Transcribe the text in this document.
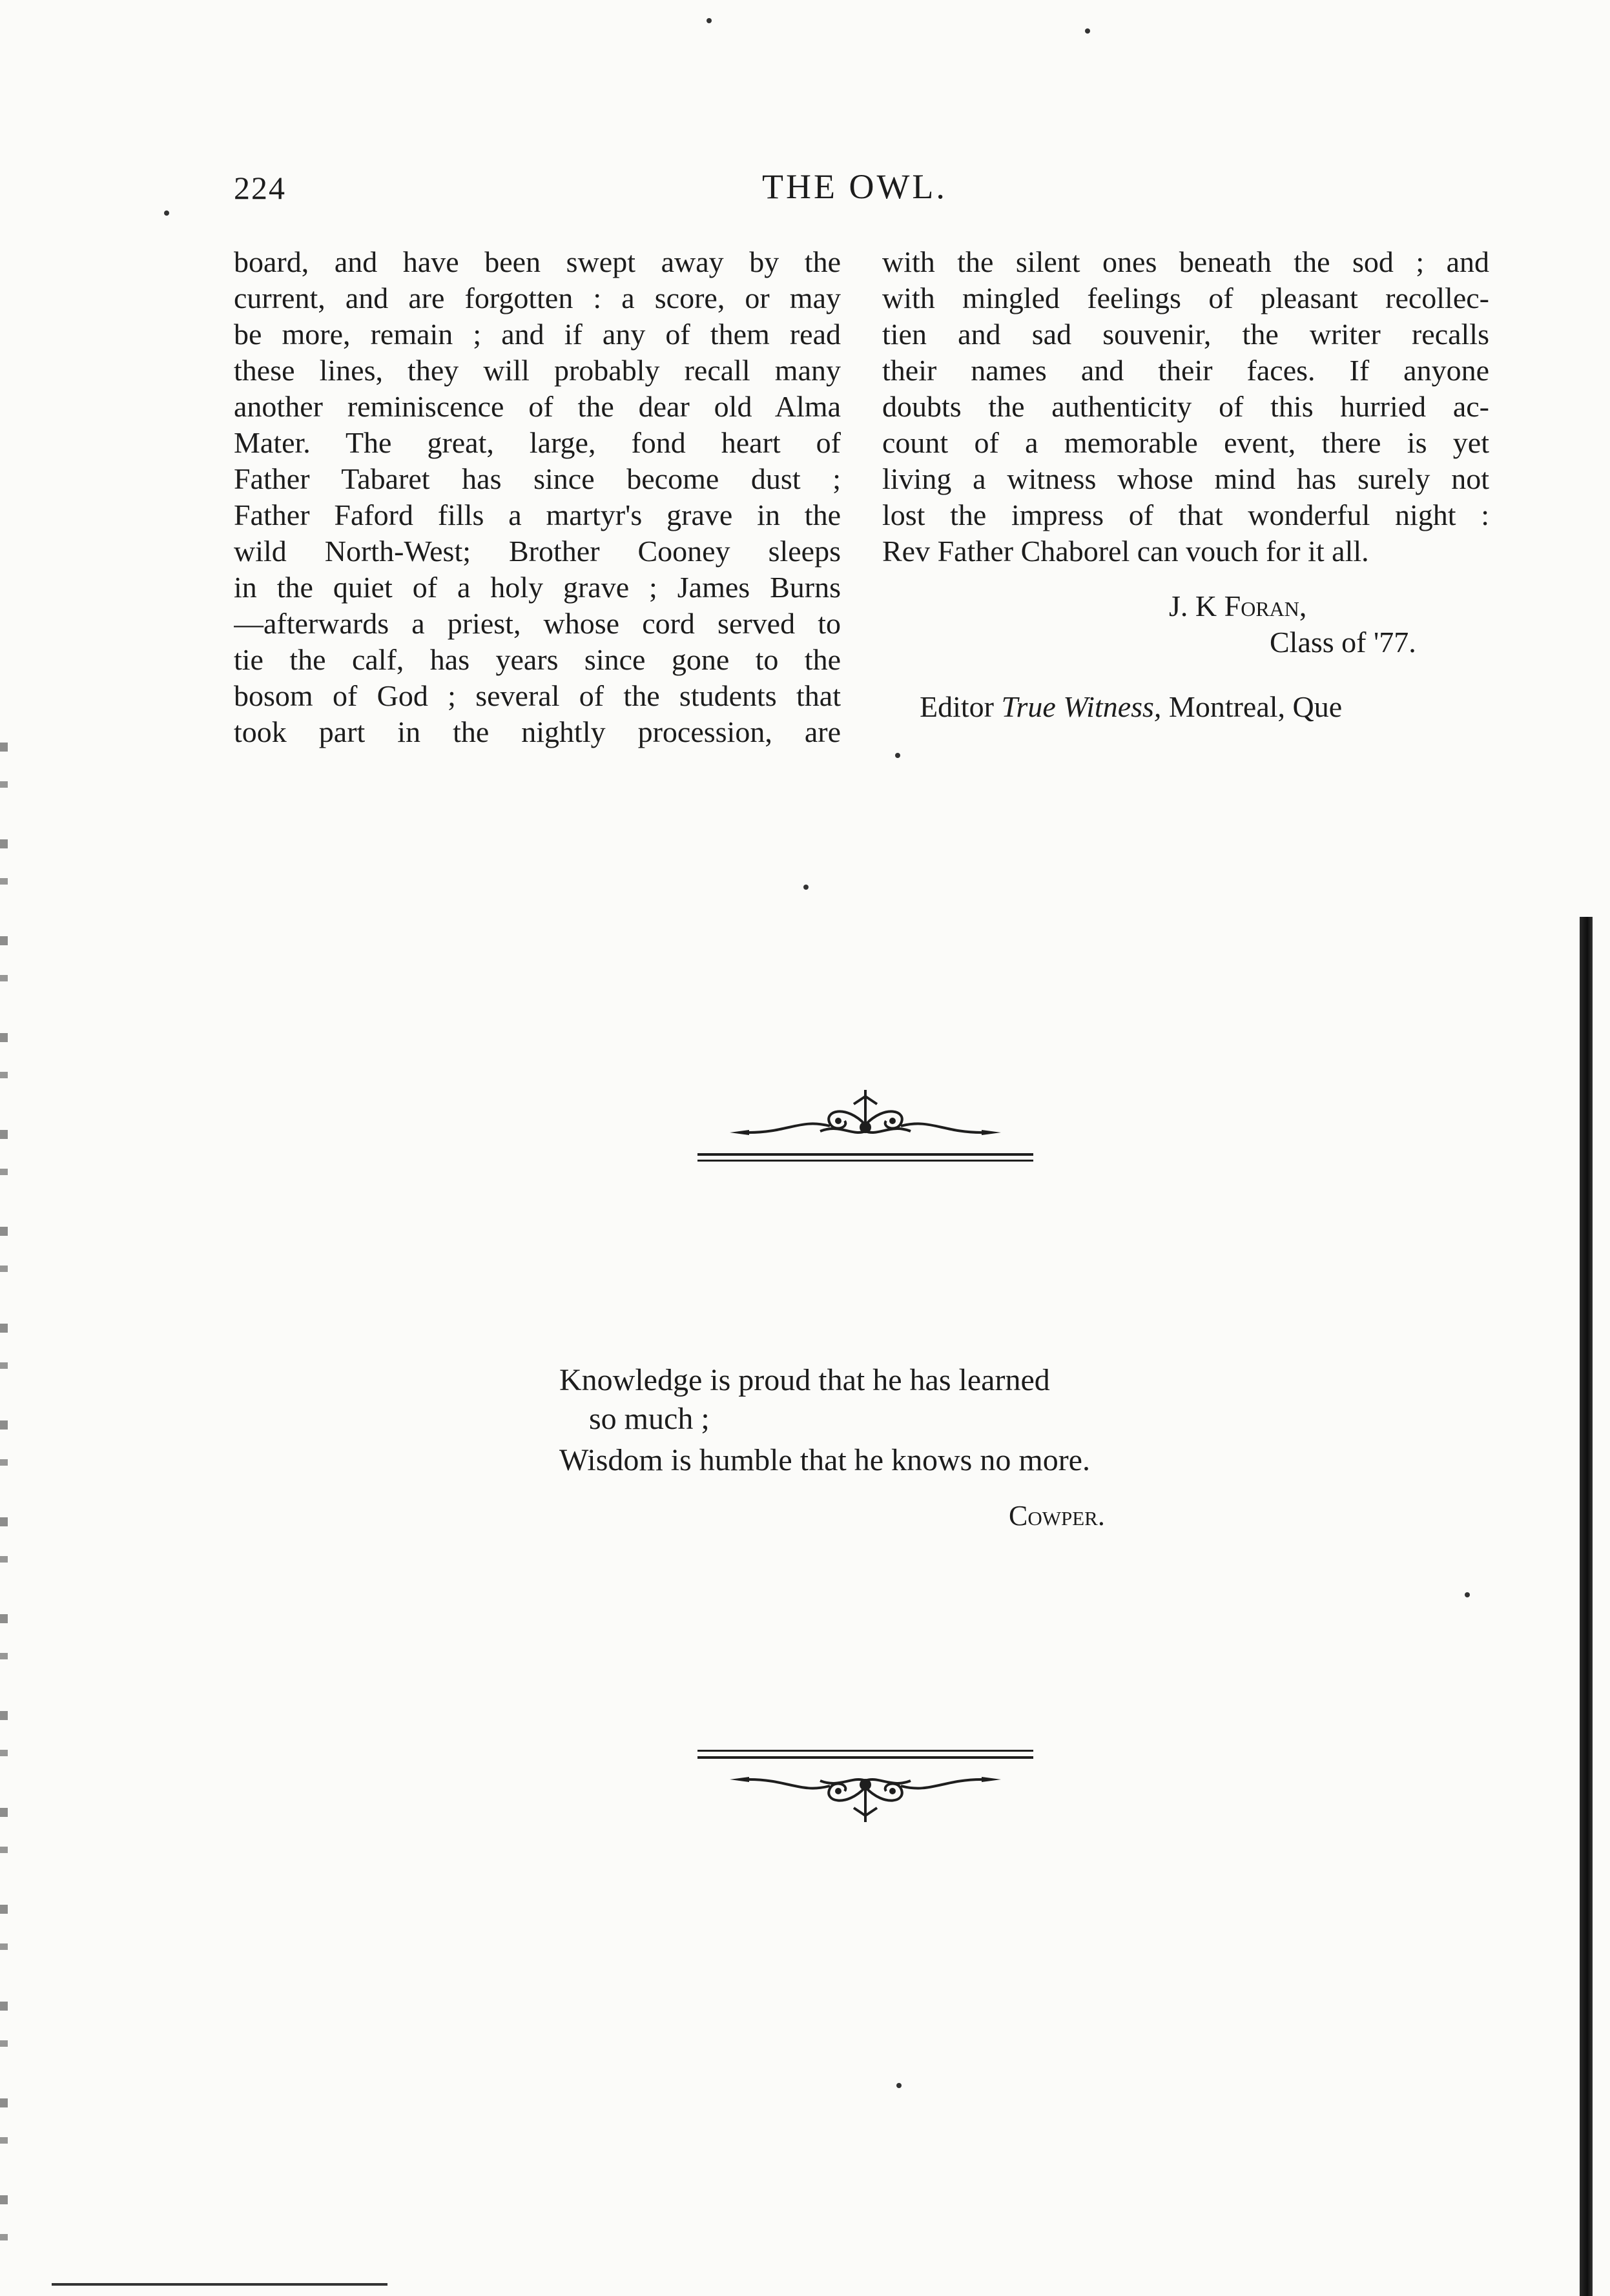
224	THE OWL.
board, and have been swept away by the
current, and are forgotten : a score, or may
be more, remain ; and if any of them read
these lines, they will probably recall many
another reminiscence of the dear old Alma
Mater. The great, large, fond heart of
Father Tabaret has since become dust ;
Father Faford fills a martyr's grave in the
wild North-West; Brother Cooney sleeps
in the quiet of a holy grave ; James Burns
—afterwards a priest, whose cord served to
tie the calf, has years since gone to the
bosom of God ; several of the students that
took part in the nightly procession, are
with the silent ones beneath the sod ; and
with mingled feelings of pleasant recollec-
tien and sad souvenir, the writer recalls
their names and their faces. If anyone
doubts the authenticity of this hurried ac-
count of a memorable event, there is yet
living a witness whose mind has surely not
lost the impress of that wonderful night :
Rev Father Chaborel can vouch for it all.
J. K Foran,
Class of '77.
Editor True Witness, Montreal, Que
Knowledge is proud that he has learned
so much ;
Wisdom is humble that he knows no more.
Cowper.
